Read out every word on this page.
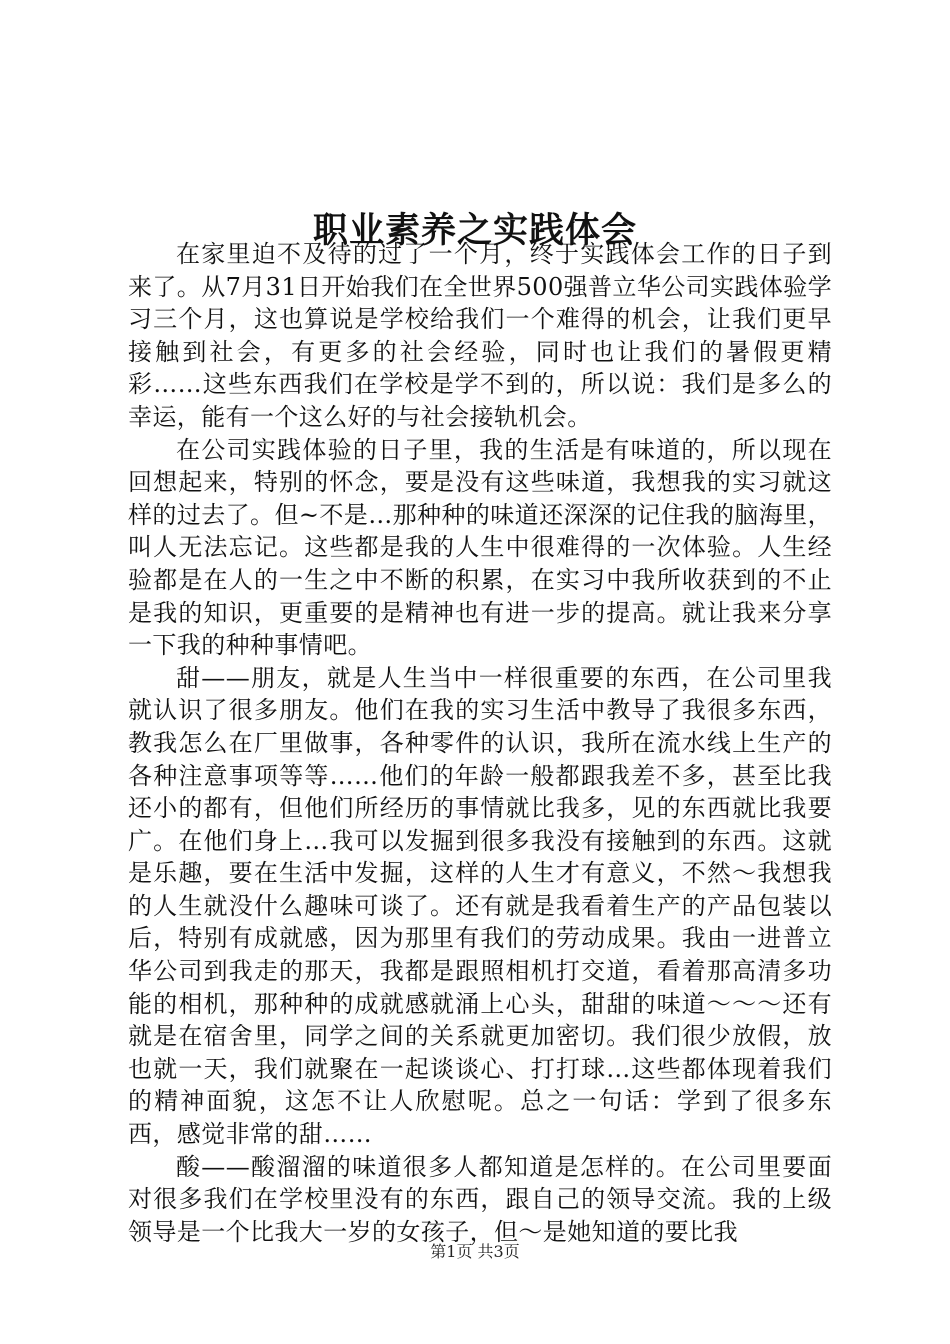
职业素养之实践体会

在家里迫不及待的过了一个月，终于实践体会工作的日子到来了。从7月31日开始我们在全世界500强普立华公司实践体验学习三个月，这也算说是学校给我们一个难得的机会，让我们更早接触到社会，有更多的社会经验，同时也让我们的暑假更精彩……这些东西我们在学校是学不到的，所以说：我们是多么的幸运，能有一个这么好的与社会接轨机会。

在公司实践体验的日子里，我的生活是有味道的，所以现在回想起来，特别的怀念，要是没有这些味道，我想我的实习就这样的过去了。但~不是…那种种的味道还深深的记住我的脑海里，叫人无法忘记。这些都是我的人生中很难得的一次体验。人生经验都是在人的一生之中不断的积累，在实习中我所收获到的不止是我的知识，更重要的是精神也有进一步的提高。就让我来分享一下我的种种事情吧。

甜——朋友，就是人生当中一样很重要的东西，在公司里我就认识了很多朋友。他们在我的实习生活中教导了我很多东西，教我怎么在厂里做事，各种零件的认识，我所在流水线上生产的各种注意事项等等……他们的年龄一般都跟我差不多，甚至比我还小的都有，但他们所经历的事情就比我多，见的东西就比我要广。在他们身上…我可以发掘到很多我没有接触到的东西。这就是乐趣，要在生活中发掘，这样的人生才有意义，不然～我想我的人生就没什么趣味可谈了。还有就是我看着生产的产品包装以后，特别有成就感，因为那里有我们的劳动成果。我由一进普立华公司到我走的那天，我都是跟照相机打交道，看着那高清多功能的相机，那种种的成就感就涌上心头，甜甜的味道～～～还有就是在宿舍里，同学之间的关系就更加密切。我们很少放假，放也就一天，我们就聚在一起谈谈心、打打球…这些都体现着我们的精神面貌，这怎不让人欣慰呢。总之一句话：学到了很多东西，感觉非常的甜……

酸——酸溜溜的味道很多人都知道是怎样的。在公司里要面对很多我们在学校里没有的东西，跟自己的领导交流。我的上级领导是一个比我大一岁的女孩子，但～是她知道的要比我

第1页 共3页
